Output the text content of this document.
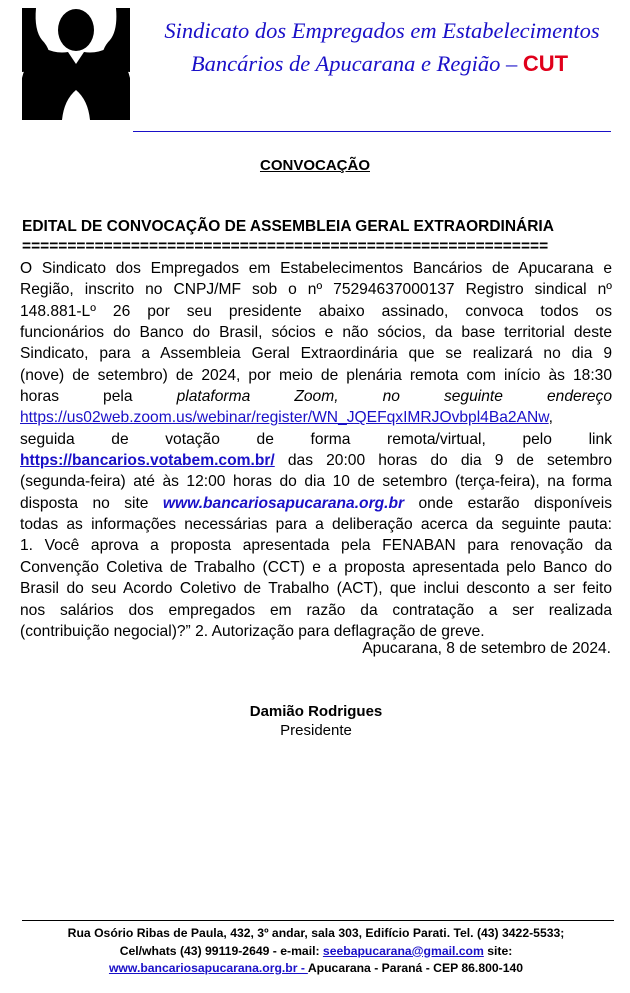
Sindicato dos Empregados em Estabelecimentos
Bancários de Apucarana e Região – CUT
CONVOCAÇÃO
EDITAL DE CONVOCAÇÃO DE ASSEMBLEIA GERAL EXTRAORDINÁRIA
==========================================================

O Sindicato dos Empregados em Estabelecimentos Bancários de Apucarana e

Região, inscrito no CNPJ/MF sob o nº 75294637000137 Registro sindical nº

148.881-Lº 26 por seu presidente abaixo assinado, convoca todos os

funcionários do Banco do Brasil, sócios e não sócios, da base territorial deste

Sindicato, para a Assembleia Geral Extraordinária que se realizará no dia 9

(nove) de setembro) de 2024, por meio de plenária remota com início às 18:30

horas pela	plataforma Zoom, no seguinte endereço

https://us02web.zoom.us/webinar/register/WN_JQEFqxIMRJOvbpl4Ba2ANw,

seguida de votação de forma remota/virtual, pelo link

https://bancarios.votabem.com.br/ das 20:00 horas do dia 9 de setembro

(segunda-feira) até às 12:00 horas do dia 10 de setembro (terça-feira), na forma

disposta no site www.bancariosapucarana.org.br onde estarão disponíveis

todas as informações necessárias para a deliberação acerca da seguinte pauta:

1. Você aprova a proposta apresentada pela FENABAN para renovação da

Convenção Coletiva de Trabalho (CCT) e a proposta apresentada pelo Banco do

Brasil do seu Acordo Coletivo de Trabalho (ACT), que inclui desconto a ser feito

nos salários dos empregados em razão da contratação a ser realizada

(contribuição negocial)?” 2. Autorização para deflagração de greve.

Apucarana, 8 de setembro de 2024.
Damião Rodrigues
Presidente
Rua Osório Ribas de Paula, 432, 3º andar, sala 303, Edifício Parati. Tel. (43) 3422-5533;
Cel/whats (43) 99119-2649 - e-mail: seebapucarana@gmail.com site:
www.bancariosapucarana.org.br - Apucarana - Paraná - CEP 86.800-140
